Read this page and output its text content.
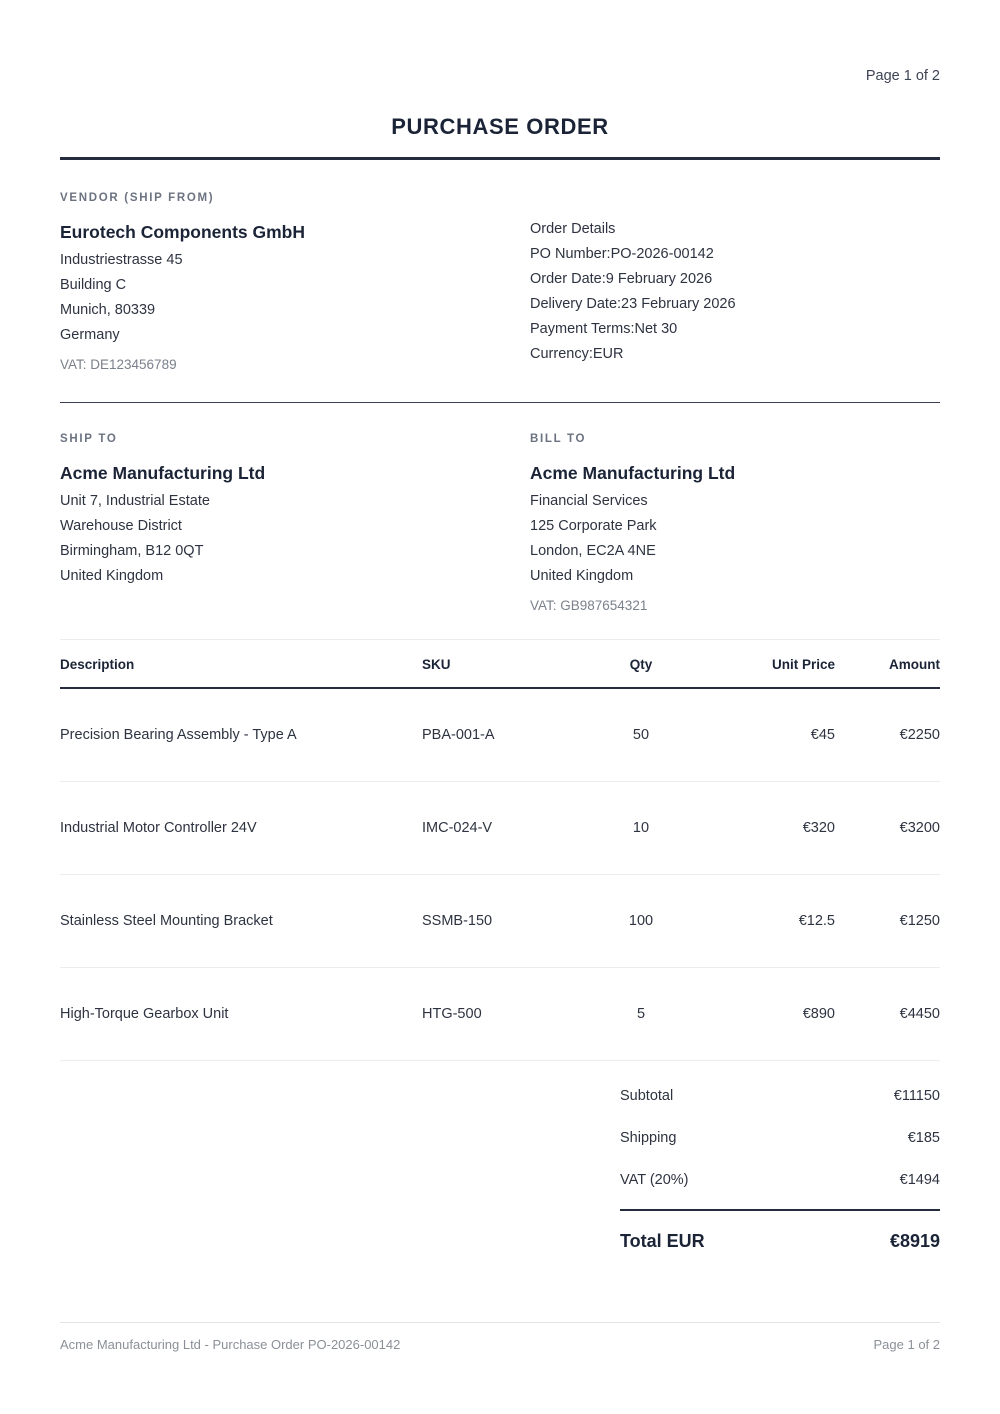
Page 1 of 2
PURCHASE ORDER
VENDOR (SHIP FROM)
Eurotech Components GmbH
Industriestrasse 45
Building C
Munich, 80339
Germany
VAT: DE123456789
Order Details
PO Number:PO-2026-00142
Order Date:9 February 2026
Delivery Date:23 February 2026
Payment Terms:Net 30
Currency:EUR
SHIP TO
Acme Manufacturing Ltd
Unit 7, Industrial Estate
Warehouse District
Birmingham, B12 0QT
United Kingdom
BILL TO
Acme Manufacturing Ltd
Financial Services
125 Corporate Park
London, EC2A 4NE
United Kingdom
VAT: GB987654321
Description	SKU	Qty	Unit Price	Amount
Precision Bearing Assembly - Type A	PBA-001-A	50	€45	€2250
Industrial Motor Controller 24V	IMC-024-V	10	€320	€3200
Stainless Steel Mounting Bracket	SSMB-150	100	€12.5	€1250
High-Torque Gearbox Unit	HTG-500	5	€890	€4450
Subtotal	€11150
Shipping	€185
VAT (20%)	€1494
Total EUR	€8919
Acme Manufacturing Ltd - Purchase Order PO-2026-00142	Page 1 of 2
